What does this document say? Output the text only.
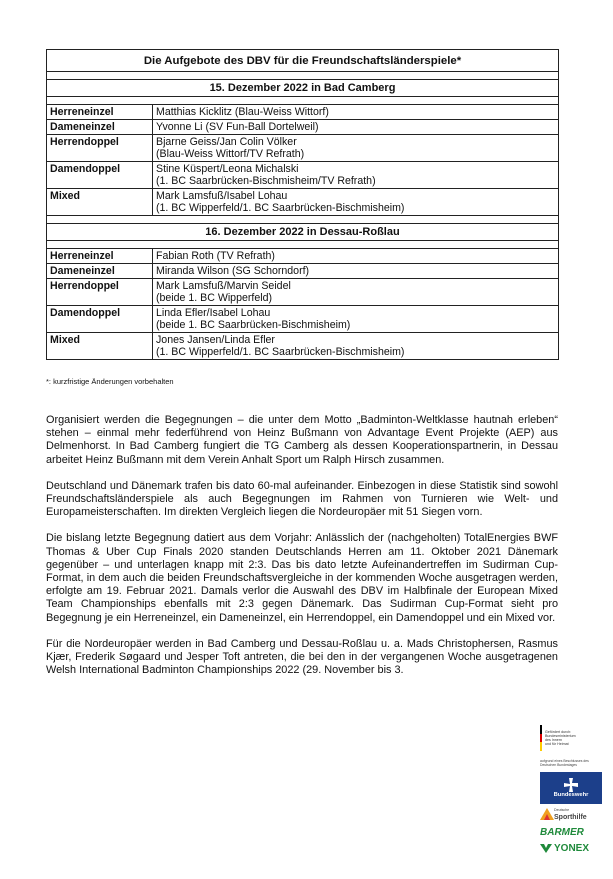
Die Aufgebote des DBV für die Freundschaftsländerspiele*	

15. Dezember 2022 in Bad Camberg	

Herreneinzel	Matthias Kicklitz (Blau-Weiss Wittorf)

Dameneinzel	Yvonne Li (SV Fun-Ball Dortelweil)

Herrendoppel	Bjarne Geiss/Jan Colin Völker
(Blau-Weiss Wittorf/TV Refrath)

Damendoppel	Stine Küspert/Leona Michalski
(1. BC Saarbrücken-Bischmisheim/TV Refrath)

Mixed	Mark Lamsfuß/Isabel Lohau
(1. BC Wipperfeld/1. BC Saarbrücken-Bischmisheim)

16. Dezember 2022 in Dessau-Roßlau	

Herreneinzel	Fabian Roth (TV Refrath)

Dameneinzel	Miranda Wilson (SG Schorndorf)

Herrendoppel	Mark Lamsfuß/Marvin Seidel
(beide 1. BC Wipperfeld)

Damendoppel	Linda Efler/Isabel Lohau
(beide 1. BC Saarbrücken-Bischmisheim)

Mixed	Jones Jansen/Linda Efler
(1. BC Wipperfeld/1. BC Saarbrücken-Bischmisheim)
*: kurzfristige Änderungen vorbehalten

Organisiert werden die Begegnungen – die unter dem Motto „Badminton-Weltklasse hautnah erleben“ stehen – einmal mehr federführend von Heinz Bußmann von Advantage Event Projekte (AEP) aus Delmenhorst. In Bad Camberg fungiert die TG Camberg als dessen Kooperationspartnerin, in Dessau arbeitet Heinz Bußmann mit dem Verein Anhalt Sport um Ralph Hirsch zusammen.

Deutschland und Dänemark trafen bis dato 60-mal aufeinander. Einbezogen in diese Statistik sind sowohl Freundschaftsländerspiele als auch Begegnungen im Rahmen von Turnieren wie Welt- und Europameisterschaften. Im direkten Vergleich liegen die Nordeuropäer mit 51 Siegen vorn.

Die bislang letzte Begegnung datiert aus dem Vorjahr: Anlässlich der (nachgeholten) TotalEnergies BWF Thomas & Uber Cup Finals 2020 standen Deutschlands Herren am 11. Oktober 2021 Dänemark gegenüber – und unterlagen knapp mit 2:3. Das bis dato letzte Aufeinandertreffen im Sudirman Cup-Format, in dem auch die beiden Freundschaftsvergleiche in der kommenden Woche ausgetragen werden, erfolgte am 19. Februar 2021. Damals verlor die Auswahl des DBV im Halbfinale der European Mixed Team Championships ebenfalls mit 2:3 gegen Dänemark. Das Sudirman Cup-Format sieht pro Begegnung je ein Herreneinzel, ein Dameneinzel, ein Herrendoppel, ein Damendoppel und ein Mixed vor.

Für die Nordeuropäer werden in Bad Camberg und Dessau-Roßlau u. a. Mads Christophersen, Rasmus Kjær, Frederik Søgaard und Jesper Toft antreten, die bei den in der vergangenen Woche ausgetragenen Welsh International Badminton Championships 2022 (29. November bis 3.

Gefördert durch:
Bundesministerium
des Innern
und für Heimat
aufgrund eines Beschlusses des Deutschen Bundestages
Bundeswehr
Deutsche
Sporthilfe
BARMER
YONEX
